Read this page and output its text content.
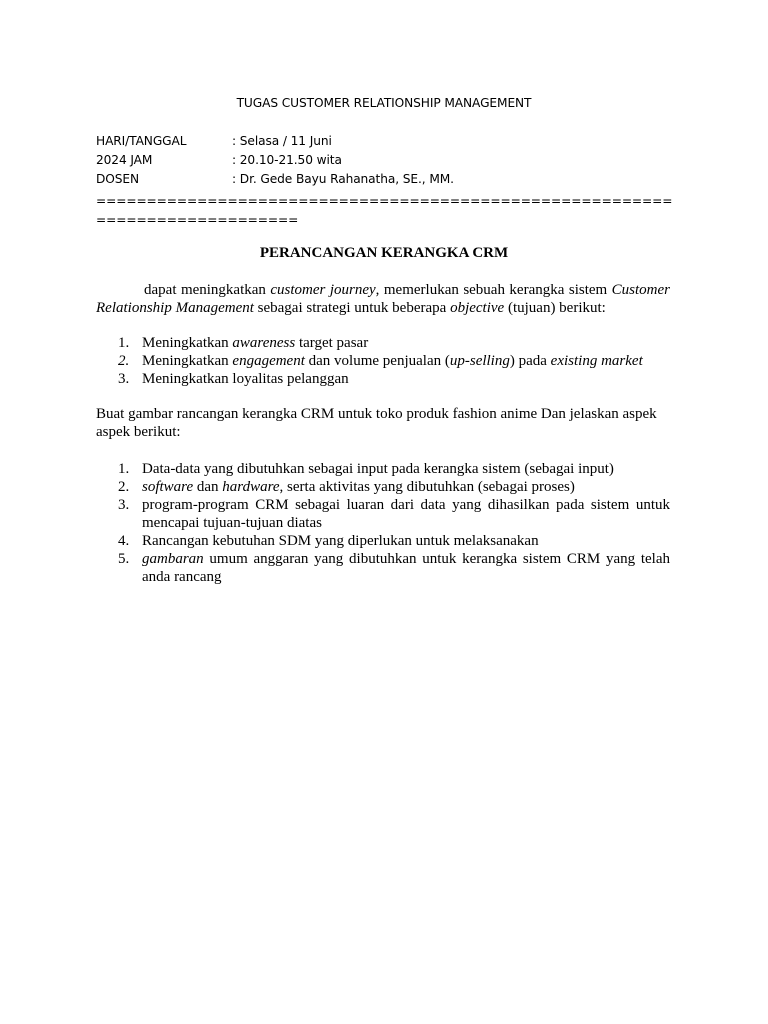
TUGAS CUSTOMER RELATIONSHIP MANAGEMENT
HARI/TANGGAL	: Selasa / 11 Juni
2024 JAM	: 20.10-21.50 wita
DOSEN	: Dr. Gede Bayu Rahanatha, SE., MM.
=============================================================================
PERANCANGAN KERANGKA CRM
dapat meningkatkan customer journey, memerlukan sebuah kerangka sistem Customer Relationship Management sebagai strategi untuk beberapa objective (tujuan) berikut:
1. Meningkatkan awareness target pasar
2. Meningkatkan engagement dan volume penjualan (up-selling) pada existing market
3. Meningkatkan loyalitas pelanggan
Buat gambar rancangan kerangka CRM untuk toko produk fashion anime Dan jelaskan aspek aspek berikut:
1. Data-data yang dibutuhkan sebagai input pada kerangka sistem (sebagai input)
2. software dan hardware, serta aktivitas yang dibutuhkan (sebagai proses)
3. program-program CRM sebagai luaran dari data yang dihasilkan pada sistem untuk mencapai tujuan-tujuan diatas
4. Rancangan kebutuhan SDM yang diperlukan untuk melaksanakan
5. gambaran umum anggaran yang dibutuhkan untuk kerangka sistem CRM yang telah anda rancang
